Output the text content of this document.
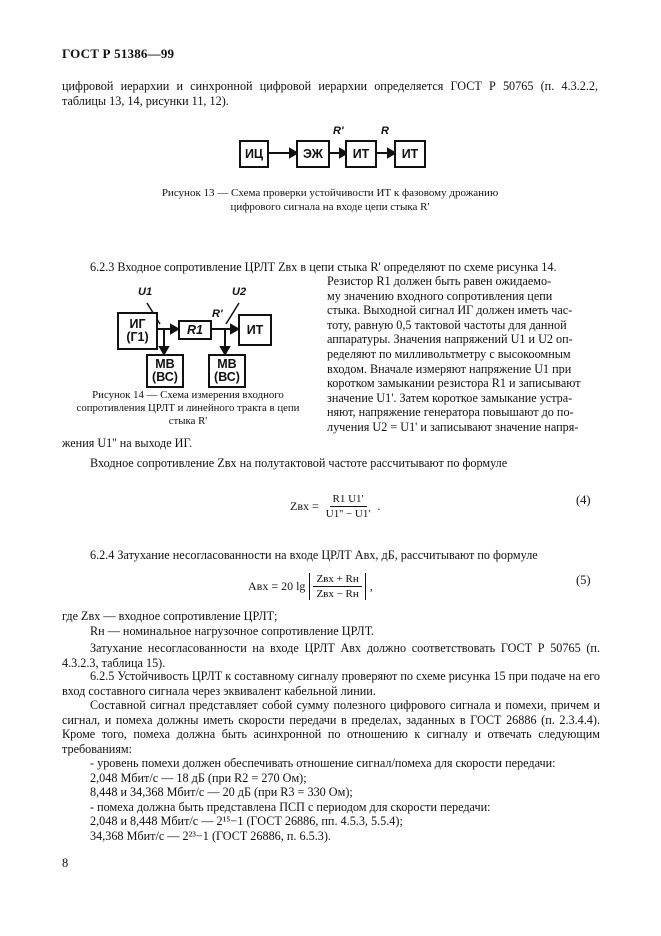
ГОСТ Р 51386—99
цифровой иерархии и синхронной цифровой иерархии определяется ГОСТ Р 50765 (п. 4.3.2.2, таблицы 13, 14, рисунки 11, 12).
ИЦ	ЭЖ	ИТ	ИТ
R'	R
Рисунок 13 — Схема проверки устойчивости ИТ к фазовому дрожанию
цифрового сигнала на входе цепи стыка R'
6.2.3 Входное сопротивление ЦРЛТ Zвх в цепи стыка R' определяют по схеме рисунка 14.
ИГ (Г1)
R1	ИТ
МВ (ВС)
МВ (ВС)
U1	U2
R'
Рисунок 14 — Схема измерения входного сопротивления ЦРЛТ и линейного тракта в цепи стыка R'
Резистор R1 должен быть равен ожидаемо-
му значению входного сопротивления цепи
стыка. Выходной сигнал ИГ должен иметь час-
тоту, равную 0,5 тактовой частоты для данной
аппаратуры. Значения напряжений U1 и U2 оп-
ределяют по милливольтметру с высокоомным
входом. Вначале измеряют напряжение U1 при
коротком замыкании резистора R1 и записывают
значение U1'. Затем короткое замыкание устра-
няют, напряжение генератора повышают до по-
лучения U2 = U1' и записывают значение напря-
жения U1'' на выходе ИГ.
Входное сопротивление Zвх на полутактовой частоте рассчитывают по формуле
Zвх = $\frac{R1 U1'}{U1'' - U1'}$ .	(4)
6.2.4 Затухание несогласованности на входе ЦРЛТ Aвх, дБ, рассчитывают по формуле
Aвх = 20 $\lg \frac{\text{Zвх + Rн}}{\text{Zвх − Rн}}$ ,	(5)
где Zвх — входное сопротивление ЦРЛТ;
Rн — номинальное нагрузочное сопротивление ЦРЛТ.
Затухание несогласованности на входе ЦРЛТ Aвх должно соответствовать ГОСТ Р 50765 (п. 4.3.2.3, таблица 15).
6.2.5 Устойчивость ЦРЛТ к составному сигналу проверяют по схеме рисунка 15 при подаче на его вход составного сигнала через эквивалент кабельной линии.
Составной сигнал представляет собой сумму полезного цифрового сигнала и помехи, причем и сигнал, и помеха должны иметь скорости передачи в пределах, заданных в ГОСТ 26886 (п. 2.3.4.4). Кроме того, помеха должна быть асинхронной по отношению к сигналу и отвечать следующим требованиям:
- уровень помехи должен обеспечивать отношение сигнал/помеха для скорости передачи:
2,048 Мбит/с — 18 дБ (при R2 = 270 Ом);
8,448 и 34,368 Мбит/с — 20 дБ (при R3 = 330 Ом);
- помеха должна быть представлена ПСП с периодом для скорости передачи:
2,048 и 8,448 Мбит/с — 2¹⁵−1 (ГОСТ 26886, пп. 4.5.3, 5.5.4);
34,368 Мбит/с — 2²³−1 (ГОСТ 26886, п. 6.5.3).
8
